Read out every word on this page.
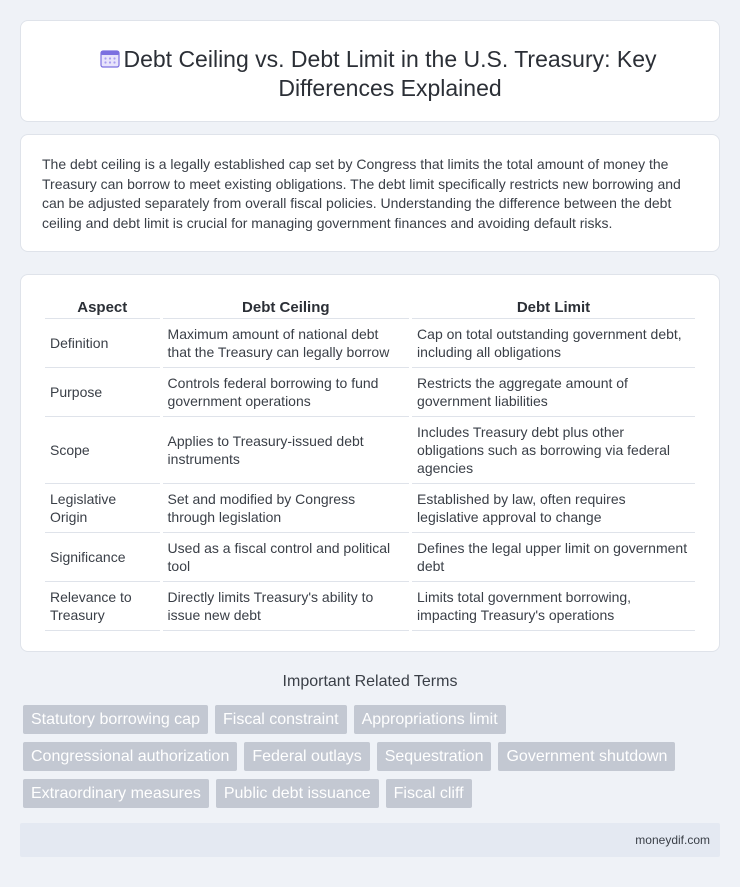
Debt Ceiling vs. Debt Limit in the U.S. Treasury: Key Differences Explained

The debt ceiling is a legally established cap set by Congress that limits the total amount of money the Treasury can borrow to meet existing obligations. The debt limit specifically restricts new borrowing and can be adjusted separately from overall fiscal policies. Understanding the difference between the debt ceiling and debt limit is crucial for managing government finances and avoiding default risks.

Aspect	Debt Ceiling	Debt Limit
Definition	Maximum amount of national debt that the Treasury can legally borrow	Cap on total outstanding government debt, including all obligations
Purpose	Controls federal borrowing to fund government operations	Restricts the aggregate amount of government liabilities
Scope	Applies to Treasury-issued debt instruments	Includes Treasury debt plus other obligations such as borrowing via federal agencies
Legislative Origin	Set and modified by Congress through legislation	Established by law, often requires legislative approval to change
Significance	Used as a fiscal control and political tool	Defines the legal upper limit on government debt
Relevance to Treasury	Directly limits Treasury's ability to issue new debt	Limits total government borrowing, impacting Treasury's operations
Important Related Terms
Statutory borrowing cap	Fiscal constraint	Appropriations limit
Congressional authorization	Federal outlays	Sequestration	Government shutdown
Extraordinary measures	Public debt issuance	Fiscal cliff
moneydif.com
